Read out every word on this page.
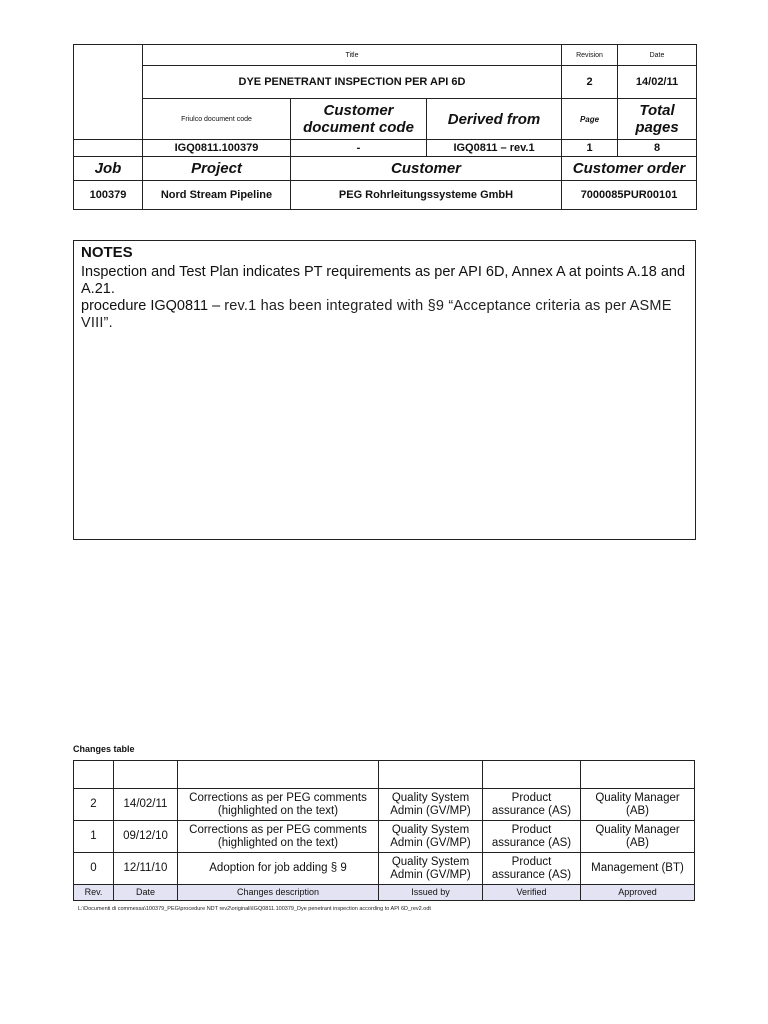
	Title			Revision	Date
	DYE PENETRANT INSPECTION PER API 6D			2	14/02/11
	Friulco document code	Customer document code	Derived from	Page	Total pages
	IGQ0811.100379	-	IGQ0811 – rev.1	1	8
Job	Project	Customer		Customer order	
100379	Nord Stream Pipeline	PEG Rohrleitungssysteme GmbH		7000085PUR00101	
NOTES
Inspection and Test Plan indicates PT requirements as per API 6D, Annex A at points A.18 and A.21.
procedure IGQ0811 – rev.1 has been integrated with §9 “Acceptance criteria as per ASME VIII”.
Changes table

2	14/02/11	Corrections as per PEG comments (highlighted on the text)	Quality System Admin (GV/MP)	Product assurance (AS)	Quality Manager (AB)
1	09/12/10	Corrections as per PEG comments (highlighted on the text)	Quality System Admin (GV/MP)	Product assurance (AS)	Quality Manager (AB)
0	12/11/10	Adoption for job adding § 9	Quality System Admin (GV/MP)	Product assurance (AS)	Management (BT)
Rev.	Date	Changes description	Issued by	Verified	Approved
L:\Documenti di commessa\100379_PEG\procedure NDT rev2\originali\IGQ0811.100379_Dye penetrant inspection according to API 6D_rev2.odt
